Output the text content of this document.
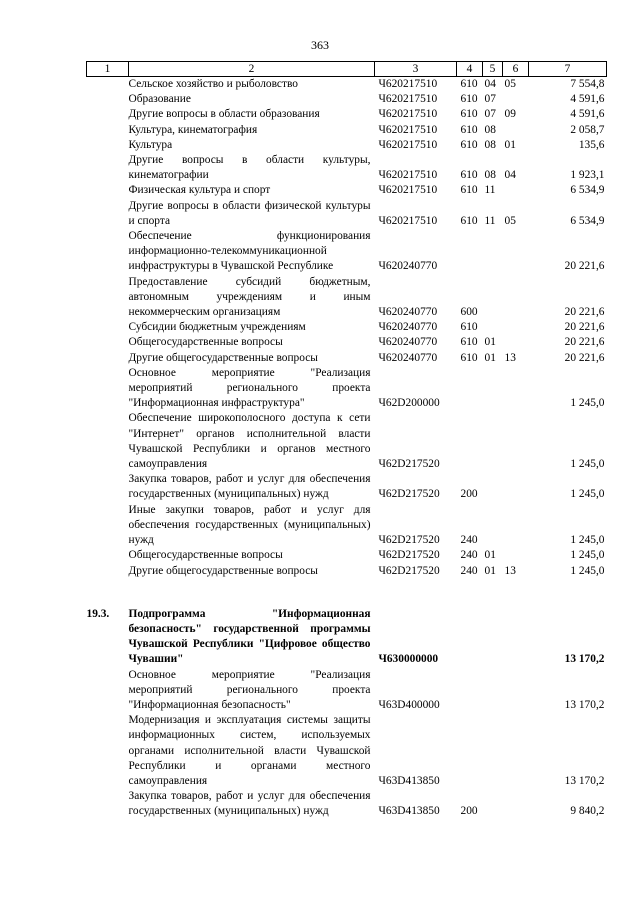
363
1	2	3	4	5	6	7
	Сельское хозяйство и рыболовство	Ч620217510	610	04	05	7 554,8
	Образование	Ч620217510	610	07		4 591,6
	Другие вопросы в области образования	Ч620217510	610	07	09	4 591,6
	Культура, кинематография	Ч620217510	610	08		2 058,7
	Культура	Ч620217510	610	08	01	135,6
	Другие вопросы в области культуры, кинематографии	Ч620217510	610	08	04	1 923,1
	Физическая культура и спорт	Ч620217510	610	11		6 534,9
	Другие вопросы в области физической культуры и спорта	Ч620217510	610	11	05	6 534,9
	Обеспечение функционирования информационно-телекоммуникационной инфраструктуры в Чувашской Республике	Ч620240770				20 221,6
	Предоставление субсидий бюджетным, автономным учреждениям и иным некоммерческим организациям	Ч620240770	600			20 221,6
	Субсидии бюджетным учреждениям	Ч620240770	610			20 221,6
	Общегосударственные вопросы	Ч620240770	610	01		20 221,6
	Другие общегосударственные вопросы	Ч620240770	610	01	13	20 221,6
	Основное мероприятие "Реализация мероприятий регионального проекта "Информационная инфраструктура"	Ч62D200000				1 245,0
	Обеспечение широкополосного доступа к сети "Интернет" органов исполнительной власти Чувашской Республики и органов местного самоуправления	Ч62D217520				1 245,0
	Закупка товаров, работ и услуг для обеспечения государственных (муниципальных) нужд	Ч62D217520	200			1 245,0
	Иные закупки товаров, работ и услуг для обеспечения государственных (муниципальных) нужд	Ч62D217520	240			1 245,0
	Общегосударственные вопросы	Ч62D217520	240	01		1 245,0
	Другие общегосударственные вопросы	Ч62D217520	240	01	13	1 245,0

19.3.	Подпрограмма "Информационная безопасность" государственной программы Чувашской Республики "Цифровое общество Чувашии"	Ч630000000				13 170,2
	Основное мероприятие "Реализация мероприятий регионального проекта "Информационная безопасность"	Ч63D400000				13 170,2
	Модернизация и эксплуатация системы защиты информационных систем, используемых органами исполнительной власти Чувашской Республики и органами местного самоуправления	Ч63D413850				13 170,2
	Закупка товаров, работ и услуг для обеспечения государственных (муниципальных) нужд	Ч63D413850	200			9 840,2
